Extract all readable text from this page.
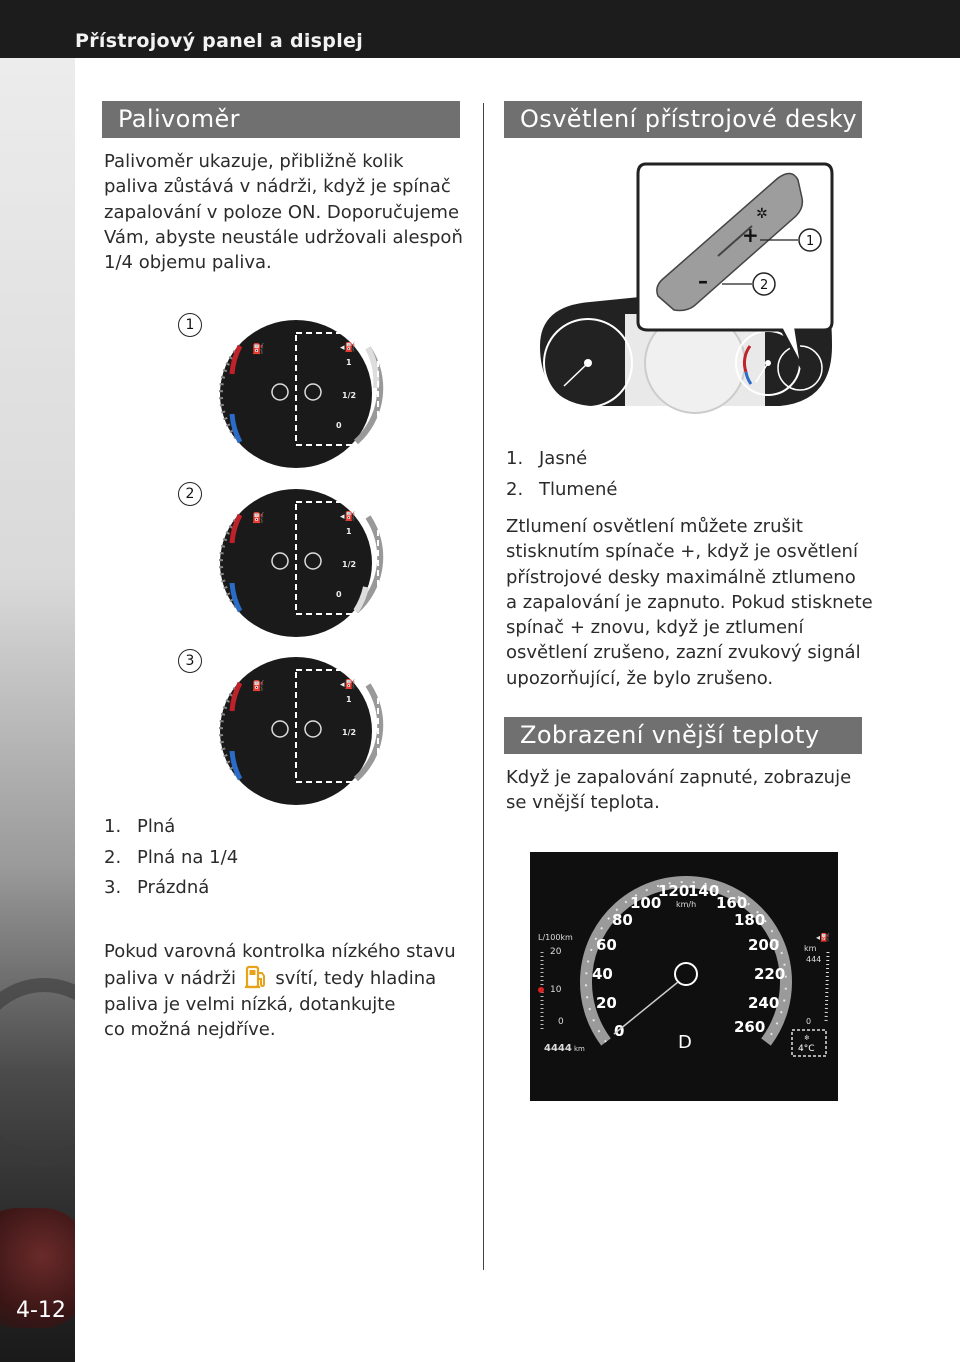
Přístrojový panel a displej
4-12
Palivoměr

Palivoměr ukazuje, přibližně kolik
paliva zůstává v nádrži, když je spínač
zapalování v poloze ON. Doporučujeme
Vám, abyste neustále udržovali alespoň
1/4 objemu paliva.

1
⛽	◂⛽
1
1/2
0
2
⛽	◂⛽
1
1/2
0
3
⛽	◂⛽
1
1/2
1. Plná
2. Plná na 1/4
3. Prázdná

Pokud varovná kontrolka nízkého stavu
paliva v nádrži svítí, tedy hladina
paliva je velmi nízká, dotankujte
co možná nejdříve.

Osvětlení přístrojové desky
+
–
✲
1
2
1. Jasné
2. Tlumené

Ztlumení osvětlení můžete zrušit
stisknutím spínače +, když je osvětlení
přístrojové desky maximálně ztlumeno
a zapalování je zapnuto. Pokud stisknete
spínač + znovu, když je ztlumení
osvětlení zrušeno, zazní zvukový signál
upozorňující, že bylo zrušeno.

Zobrazení vnější teploty

Když je zapalování zapnuté, zobrazuje
se vnější teplota.

0
20
40
60
80
100
120
140
160
180
200
220
240
260
km/h
D
L/100km
20
10
0
4444 km
◂⛽
km
444
0
❄
4°C
